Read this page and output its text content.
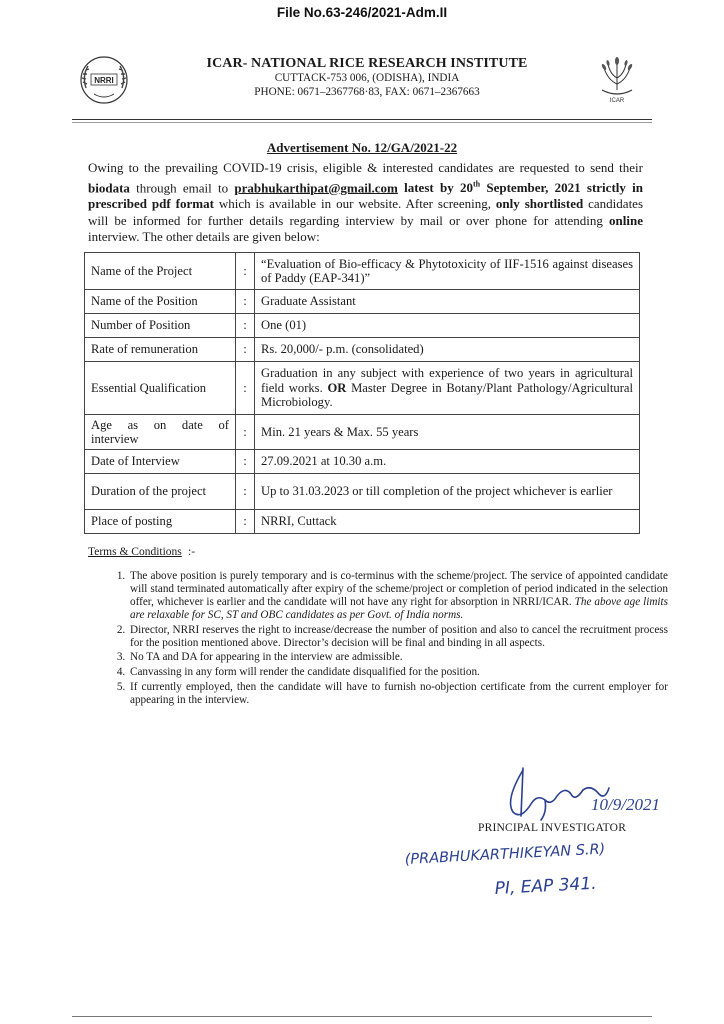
File No.63-246/2021-Adm.II
NRRI
ICAR- NATIONAL RICE RESEARCH INSTITUTE
CUTTACK-753 006, (ODISHA), INDIA
PHONE: 0671–2367768·83, FAX: 0671–2367663
ICAR
Advertisement No. 12/GA/2021-22
Owing to the prevailing COVID-19 crisis, eligible & interested candidates are requested to send their biodata through email to prabhukarthipat@gmail.com latest by 20th September, 2021 strictly in prescribed pdf format which is available in our website. After screening, only shortlisted candidates will be informed for further details regarding interview by mail or over phone for attending online interview. The other details are given below:
Name of the Project	:	“Evaluation of Bio-efficacy & Phytotoxicity of IIF-1516 against diseases of Paddy (EAP-341)”
Name of the Position	:	Graduate Assistant
Number of Position	:	One (01)
Rate of remuneration	:	Rs. 20,000/- p.m. (consolidated)
Essential Qualification	:	Graduation in any subject with experience of two years in agricultural field works. OR Master Degree in Botany/Plant Pathology/Agricultural Microbiology.
Age as on date of interview	:	Min. 21 years & Max. 55 years
Date of Interview	:	27.09.2021 at 10.30 a.m.
Duration of the project	:	Up to 31.03.2023 or till completion of the project whichever is earlier
Place of posting	:	NRRI, Cuttack
Terms & Conditions :-
1. The above position is purely temporary and is co-terminus with the scheme/project. The service of appointed candidate will stand terminated automatically after expiry of the scheme/project or completion of period indicated in the selection offer, whichever is earlier and the candidate will not have any right for absorption in NRRI/ICAR. The above age limits are relaxable for SC, ST and OBC candidates as per Govt. of India norms.
2. Director, NRRI reserves the right to increase/decrease the number of position and also to cancel the recruitment process for the position mentioned above. Director’s decision will be final and binding in all aspects.
3. No TA and DA for appearing in the interview are admissible.
4. Canvassing in any form will render the candidate disqualified for the position.
5. If currently employed, then the candidate will have to furnish no-objection certificate from the current employer for appearing in the interview.
10/9/2021
(PRABHUKARTHIKEYAN S.R)
PI, EAP 341.
PRINCIPAL INVESTIGATOR
